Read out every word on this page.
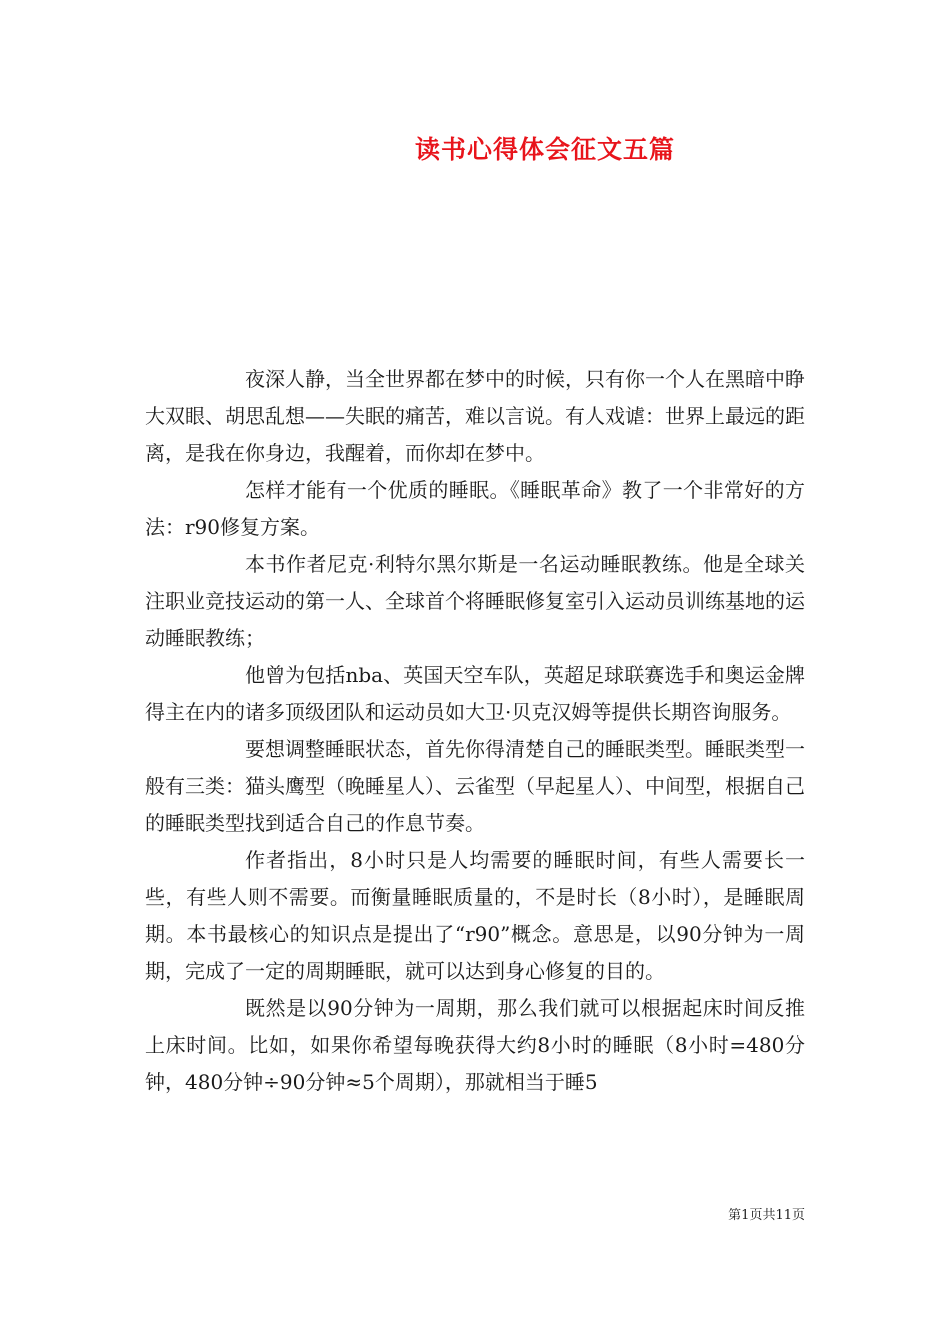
读书心得体会征文五篇

夜深人静，当全世界都在梦中的时候，只有你一个人在黑暗中睁大双眼、胡思乱想——失眠的痛苦，难以言说。有人戏谑：世界上最远的距离，是我在你身边，我醒着，而你却在梦中。

怎样才能有一个优质的睡眠。《睡眠革命》教了一个非常好的方法：r90修复方案。

本书作者尼克·利特尔黑尔斯是一名运动睡眠教练。他是全球关注职业竞技运动的第一人、全球首个将睡眠修复室引入运动员训练基地的运动睡眠教练；

他曾为包括nba、英国天空车队，英超足球联赛选手和奥运金牌得主在内的诸多顶级团队和运动员如大卫·贝克汉姆等提供长期咨询服务。

要想调整睡眠状态，首先你得清楚自己的睡眠类型。睡眠类型一般有三类：猫头鹰型（晚睡星人）、云雀型（早起星人）、中间型，根据自己的睡眠类型找到适合自己的作息节奏。

作者指出，8小时只是人均需要的睡眠时间，有些人需要长一些，有些人则不需要。而衡量睡眠质量的，不是时长（8小时），是睡眠周期。本书最核心的知识点是提出了“r90”概念。意思是，以90分钟为一周期，完成了一定的周期睡眠，就可以达到身心修复的目的。

既然是以90分钟为一周期，那么我们就可以根据起床时间反推上床时间。比如，如果你希望每晚获得大约8小时的睡眠（8小时=480分钟，480分钟÷90分钟≈5个周期），那就相当于睡5

第1页共11页
